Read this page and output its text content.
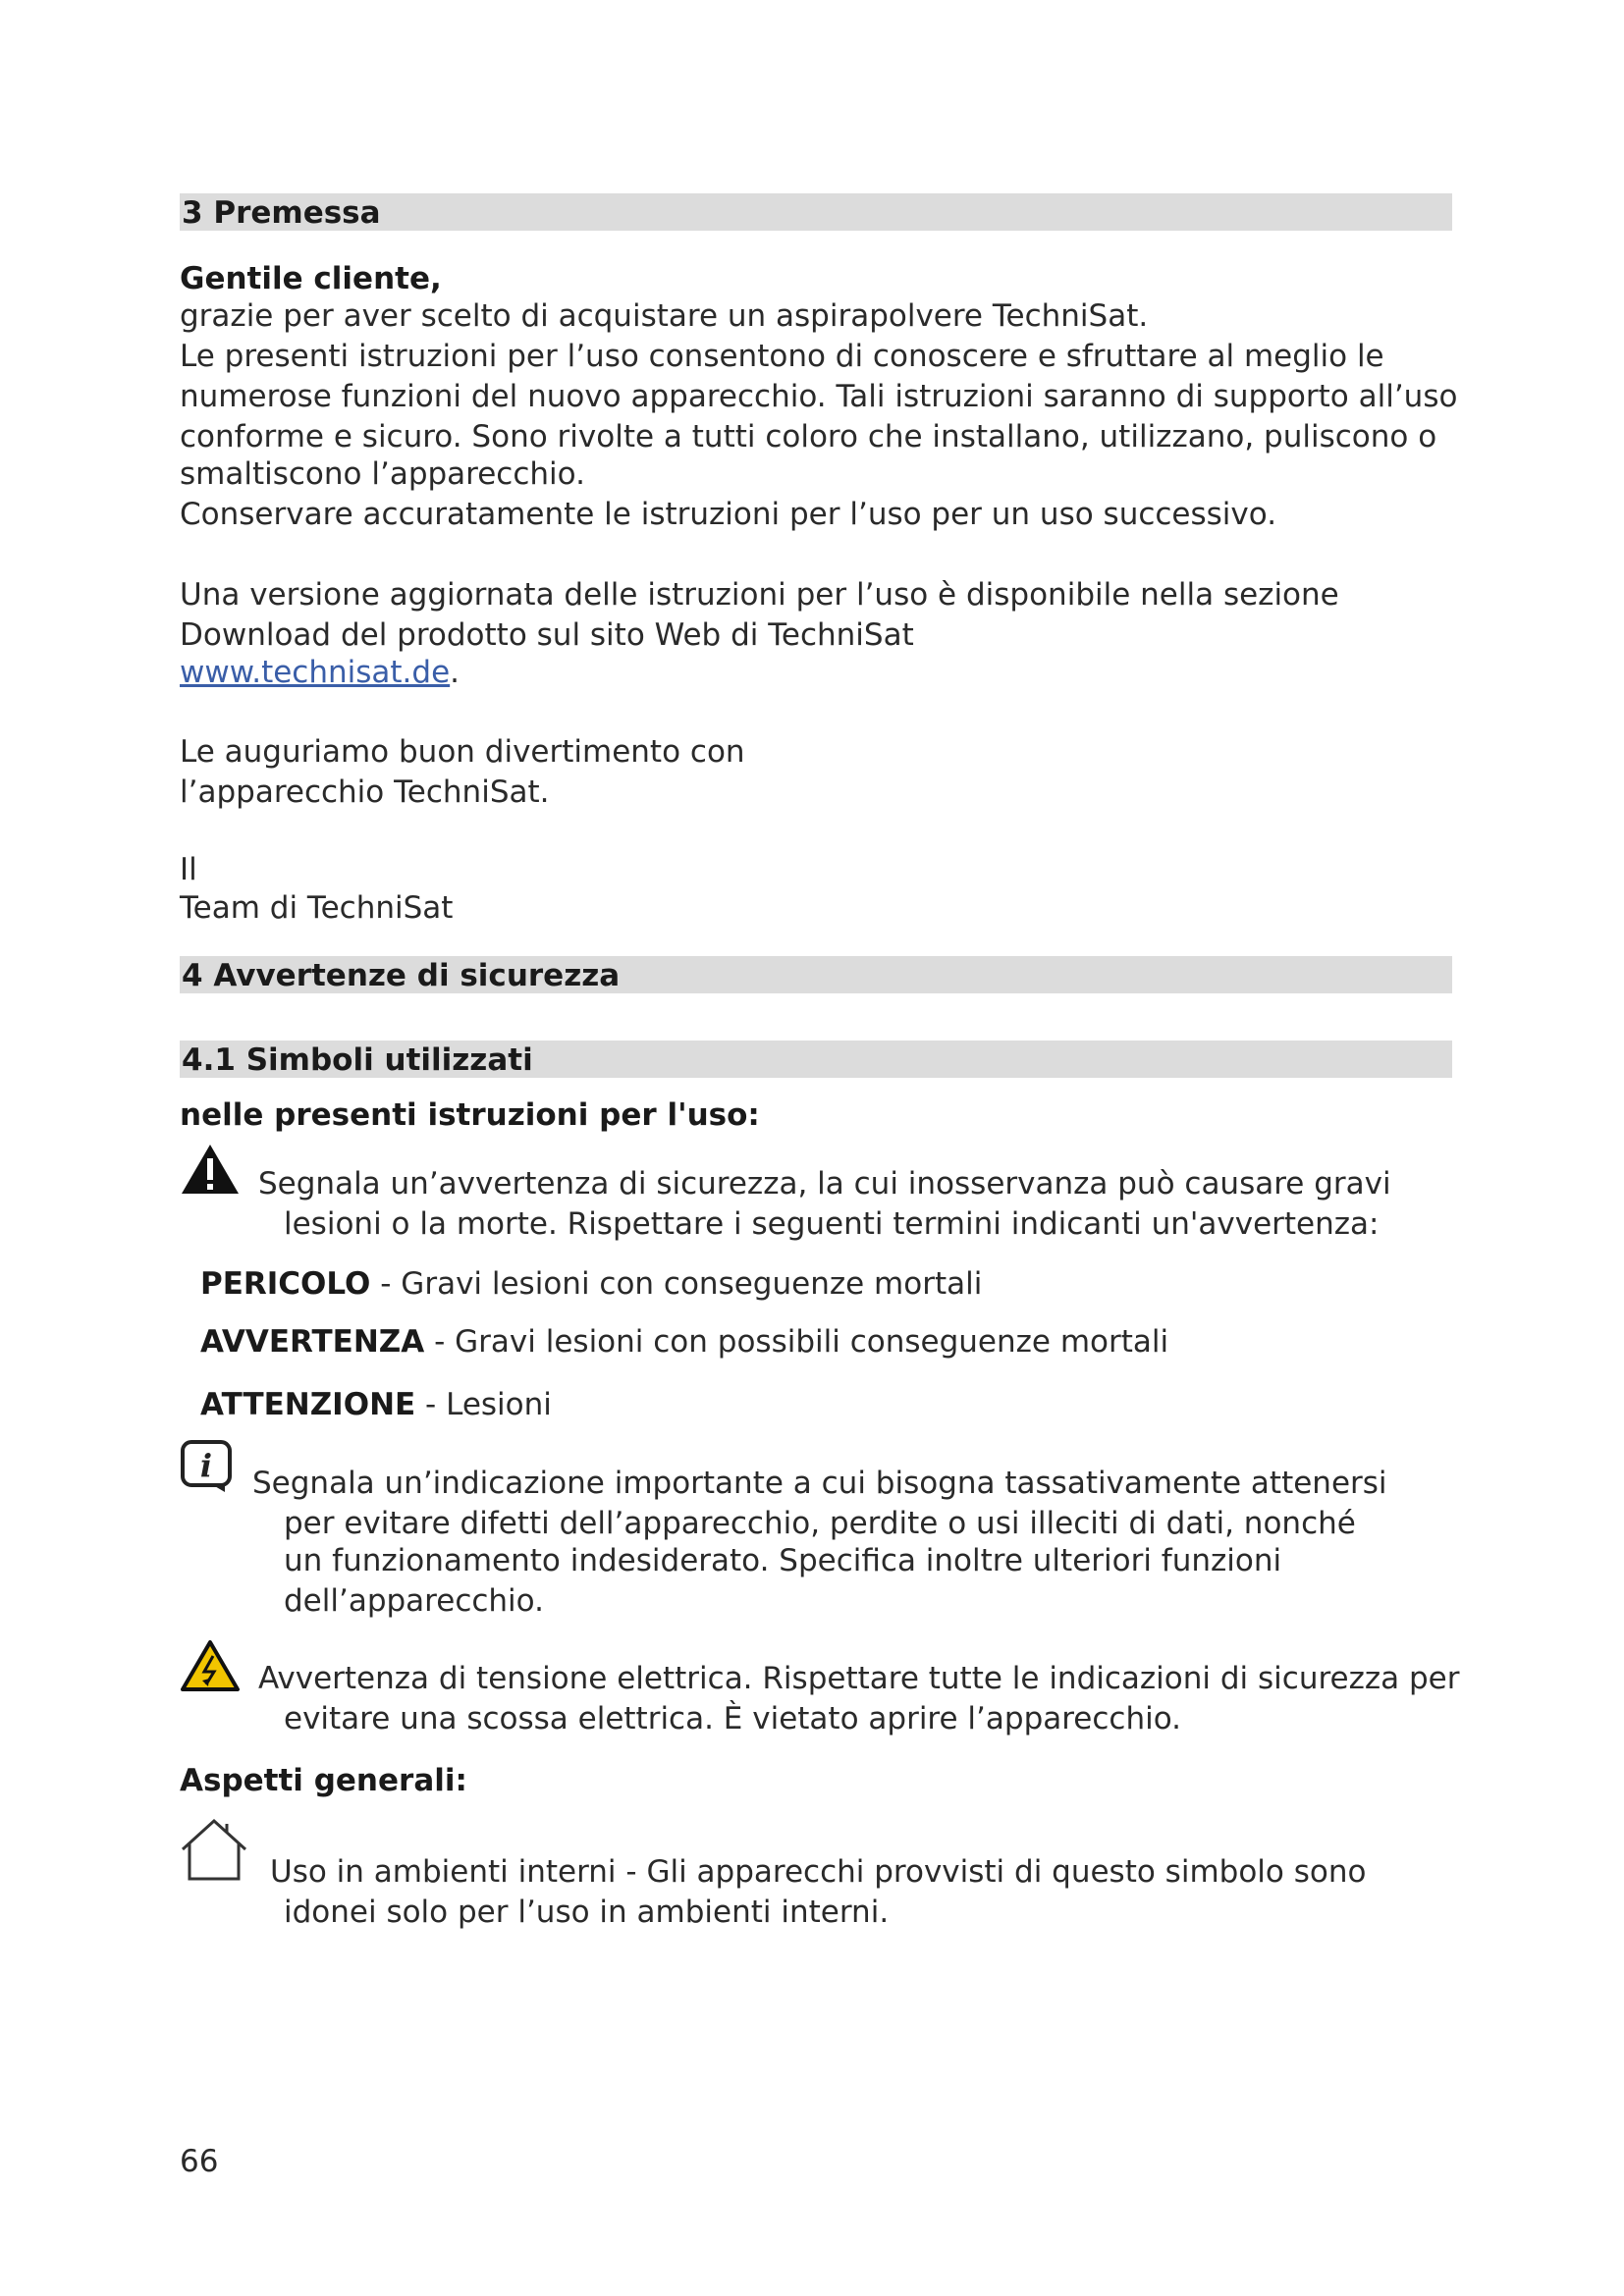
3 Premessa
Gentile cliente,
grazie per aver scelto di acquistare un aspirapolvere TechniSat.
Le presenti istruzioni per l’uso consentono di conoscere e sfruttare al meglio le
numerose funzioni del nuovo apparecchio. Tali istruzioni saranno di supporto all’uso
conforme e sicuro. Sono rivolte a tutti coloro che installano, utilizzano, puliscono o
smaltiscono l’apparecchio.
Conservare accuratamente le istruzioni per l’uso per un uso successivo.
Una versione aggiornata delle istruzioni per l’uso è disponibile nella sezione
Download del prodotto sul sito Web di TechniSat
www.technisat.de.
Le auguriamo buon divertimento con
l’apparecchio TechniSat.
Il
Team di TechniSat
4 Avvertenze di sicurezza
4.1 Simboli utilizzati
nelle presenti istruzioni per l'uso:
Segnala un’avvertenza di sicurezza, la cui inosservanza può causare gravi
lesioni o la morte. Rispettare i seguenti termini indicanti un'avvertenza:
PERICOLO - Gravi lesioni con conseguenze mortali
AVVERTENZA - Gravi lesioni con possibili conseguenze mortali
ATTENZIONE - Lesioni
i Segnala un’indicazione importante a cui bisogna tassativamente attenersi
per evitare difetti dell’apparecchio, perdite o usi illeciti di dati, nonché
un funzionamento indesiderato. Specifica inoltre ulteriori funzioni
dell’apparecchio.
Avvertenza di tensione elettrica. Rispettare tutte le indicazioni di sicurezza per
evitare una scossa elettrica. È vietato aprire l’apparecchio.
Aspetti generali:
Uso in ambienti interni - Gli apparecchi provvisti di questo simbolo sono
idonei solo per l’uso in ambienti interni.
66
